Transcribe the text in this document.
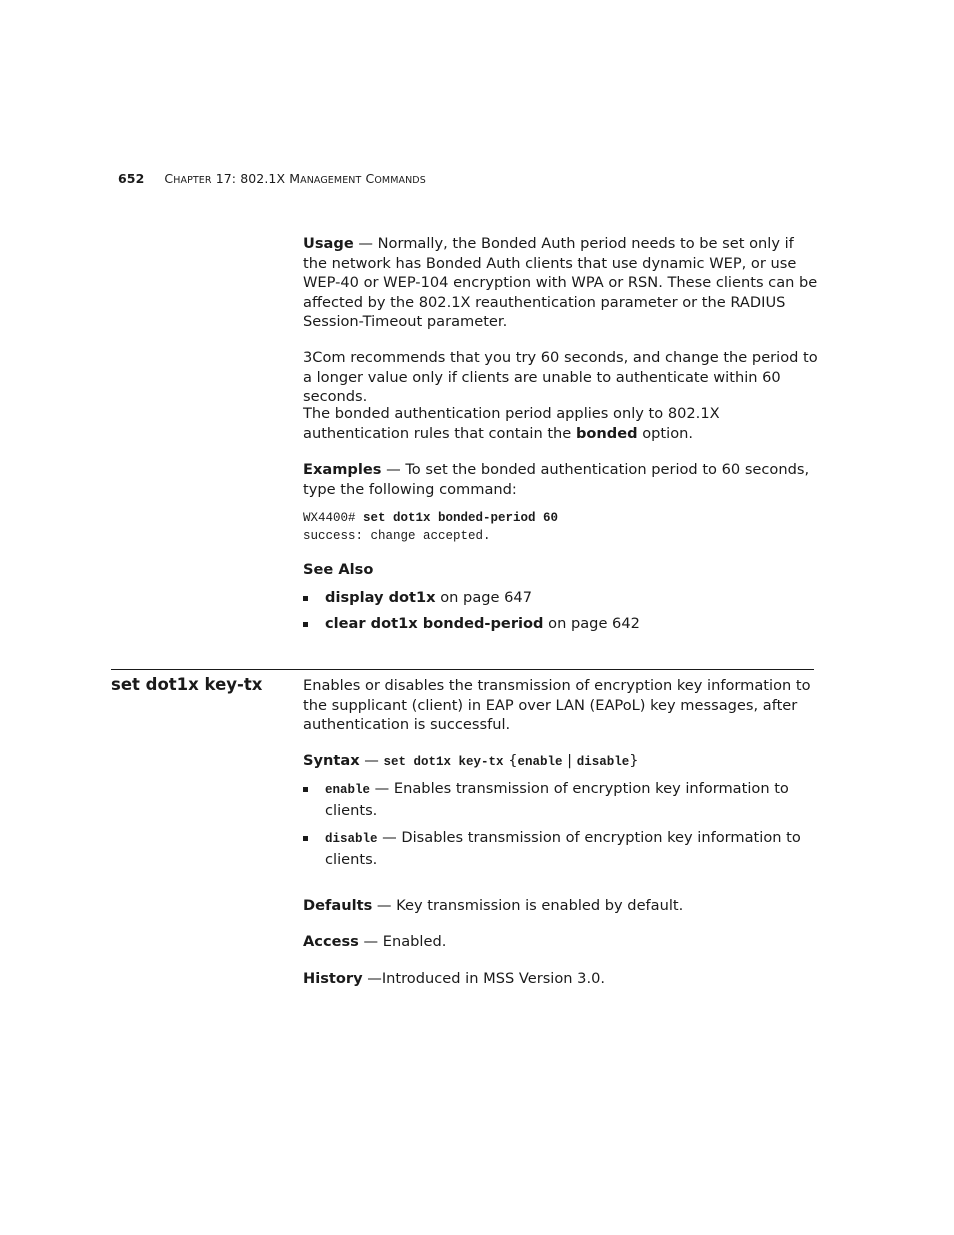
652 CHAPTER 17: 802.1X MANAGEMENT COMMANDS

Usage — Normally, the Bonded Auth period needs to be set only if the network has Bonded Auth clients that use dynamic WEP, or use WEP-40 or WEP-104 encryption with WPA or RSN. These clients can be affected by the 802.1X reauthentication parameter or the RADIUS Session-Timeout parameter.

3Com recommends that you try 60 seconds, and change the period to a longer value only if clients are unable to authenticate within 60 seconds.

The bonded authentication period applies only to 802.1X authentication rules that contain the bonded option.

Examples — To set the bonded authentication period to 60 seconds, type the following command:

WX4400# set dot1x bonded-period 60
success: change accepted.

See Also

display dot1x on page 647
clear dot1x bonded-period on page 642
set dot1x key-tx	Enables or disables the transmission of encryption key information to the supplicant (client) in EAP over LAN (EAPoL) key messages, after authentication is successful.

Syntax — set dot1x key-tx {enable | disable}

enable — Enables transmission of encryption key information to clients.
disable — Disables transmission of encryption key information to clients.

Defaults — Key transmission is enabled by default.

Access — Enabled.

History —Introduced in MSS Version 3.0.
